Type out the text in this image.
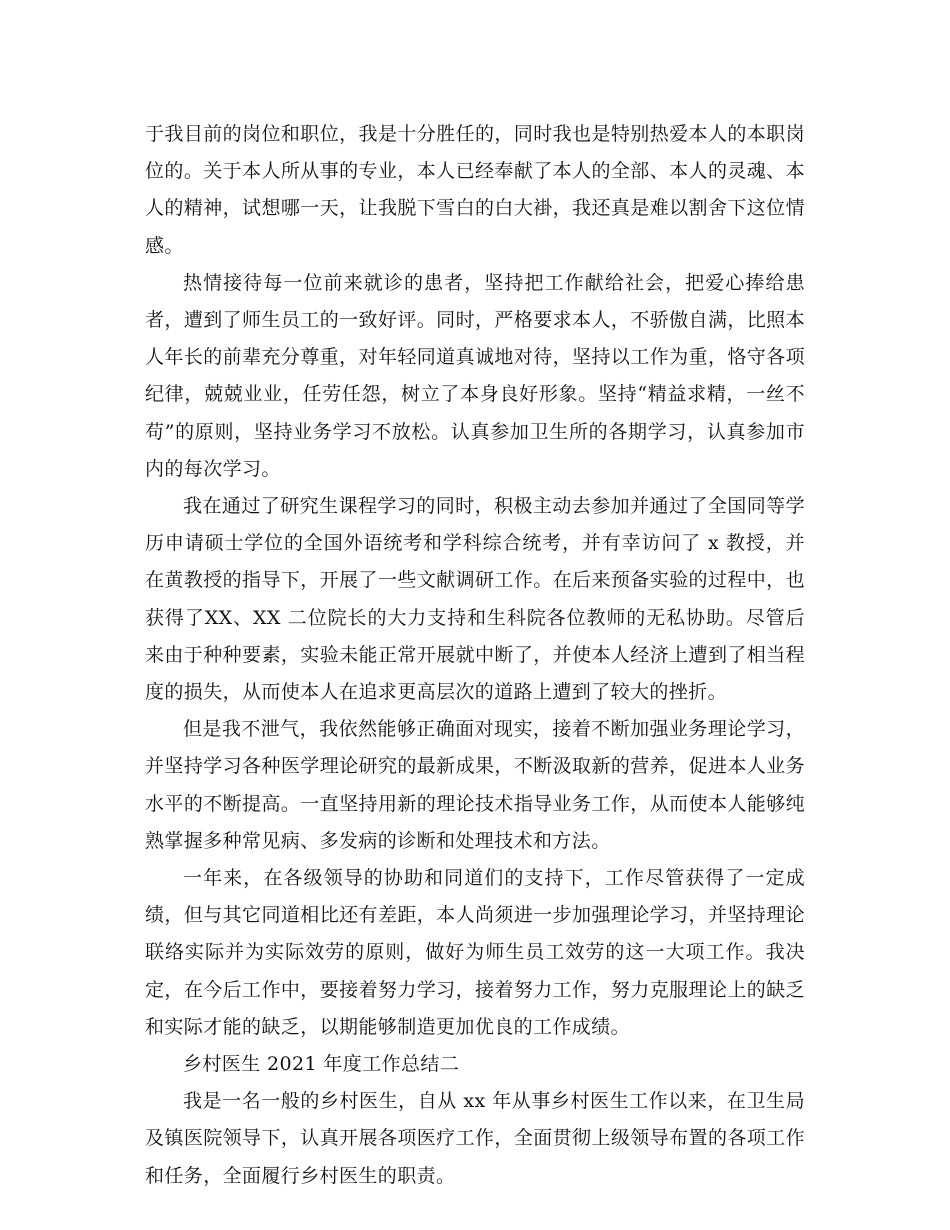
于我目前的岗位和职位，我是十分胜任的，同时我也是特别热爱本人的本职岗位的。关于本人所从事的专业，本人已经奉献了本人的全部、本人的灵魂、本人的精神，试想哪一天，让我脱下雪白的白大褂，我还真是难以割舍下这位情感。

热情接待每一位前来就诊的患者，坚持把工作献给社会，把爱心捧给患者，遭到了师生员工的一致好评。同时，严格要求本人，不骄傲自满，比照本人年长的前辈充分尊重，对年轻同道真诚地对待，坚持以工作为重，恪守各项纪律，兢兢业业，任劳任怨，树立了本身良好形象。坚持“精益求精，一丝不苟”的原则，坚持业务学习不放松。认真参加卫生所的各期学习，认真参加市内的每次学习。

我在通过了研究生课程学习的同时，积极主动去参加并通过了全国同等学历申请硕士学位的全国外语统考和学科综合统考，并有幸访问了 x 教授，并在黄教授的指导下，开展了一些文献调研工作。在后来预备实验的过程中，也获得了XX、XX 二位院长的大力支持和生科院各位教师的无私协助。尽管后来由于种种要素，实验未能正常开展就中断了，并使本人经济上遭到了相当程度的损失，从而使本人在追求更高层次的道路上遭到了较大的挫折。

但是我不泄气，我依然能够正确面对现实，接着不断加强业务理论学习，并坚持学习各种医学理论研究的最新成果，不断汲取新的营养，促进本人业务水平的不断提高。一直坚持用新的理论技术指导业务工作，从而使本人能够纯熟掌握多种常见病、多发病的诊断和处理技术和方法。

一年来，在各级领导的协助和同道们的支持下，工作尽管获得了一定成绩，但与其它同道相比还有差距，本人尚须进一步加强理论学习，并坚持理论联络实际并为实际效劳的原则，做好为师生员工效劳的这一大项工作。我决定，在今后工作中，要接着努力学习，接着努力工作，努力克服理论上的缺乏和实际才能的缺乏，以期能够制造更加优良的工作成绩。

乡村医生 2021 年度工作总结二

我是一名一般的乡村医生，自从 xx 年从事乡村医生工作以来，在卫生局及镇医院领导下，认真开展各项医疗工作，全面贯彻上级领导布置的各项工作和任务，全面履行乡村医生的职责。
